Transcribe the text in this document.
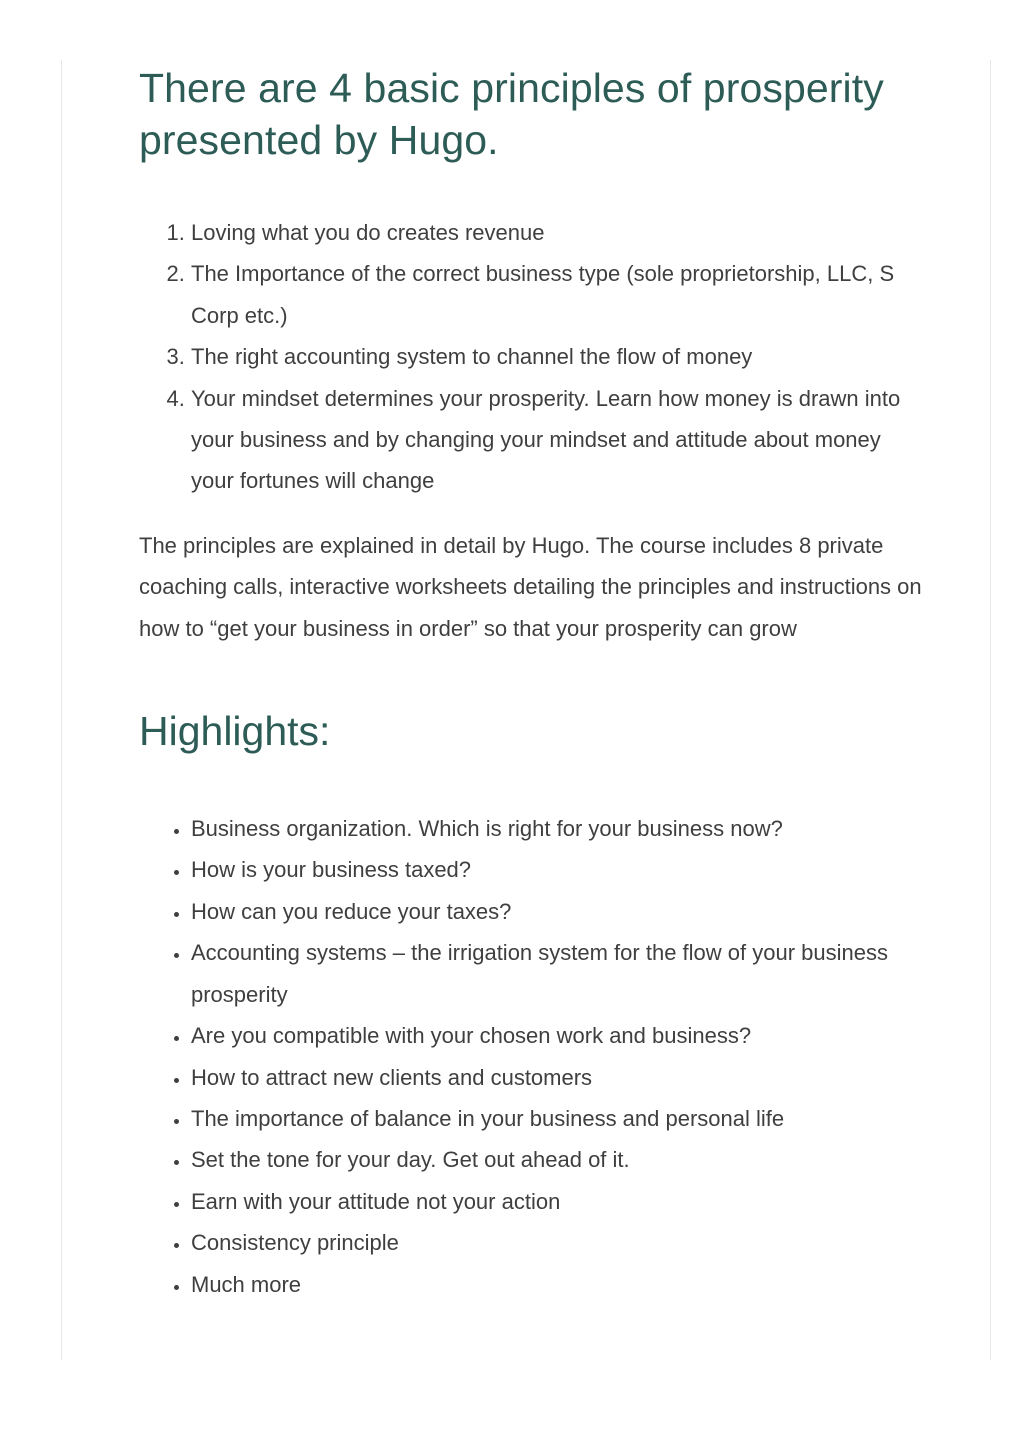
There are 4 basic principles of prosperity presented by Hugo.
1. Loving what you do creates revenue
2. The Importance of the correct business type (sole proprietorship, LLC, S Corp etc.)
3. The right accounting system to channel the flow of money
4. Your mindset determines your prosperity. Learn how money is drawn into your business and by changing your mindset and attitude about money your fortunes will change

The principles are explained in detail by Hugo. The course includes 8 private coaching calls, interactive worksheets detailing the principles and instructions on how to “get your business in order” so that your prosperity can grow

Highlights:
• Business organization. Which is right for your business now?
• How is your business taxed?
• How can you reduce your taxes?
• Accounting systems – the irrigation system for the flow of your business prosperity
• Are you compatible with your chosen work and business?
• How to attract new clients and customers
• The importance of balance in your business and personal life
• Set the tone for your day. Get out ahead of it.
• Earn with your attitude not your action
• Consistency principle
• Much more
